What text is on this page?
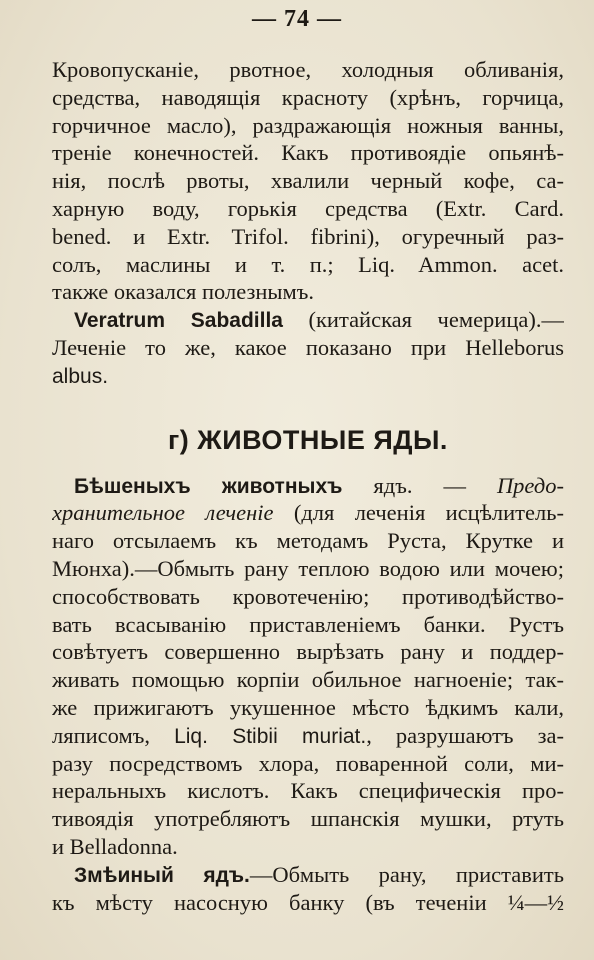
— 74 —
Кровопусканіе, рвотное, холодныя обливанія,
средства, наводящія краснoту (хрѣнъ, горчица,
горчичное масло), раздражающія ножныя ванны,
треніе конечностей. Какъ противоядіе опьянѣ-
нія, послѣ рвоты, хвалили черный кофе, са-
харную воду, горькія средства (Extr. Card.
bened. и Extr. Trifol. fibrini), огуречный раз-
солъ, маслины и т. п.; Liq. Ammon. acet.
также оказался полезнымъ.
Veratrum Sabadilla (китайская чемерица).—
Леченіе то же, какое показано при Helleborus
albus.
г) ЖИВОТНЫЕ ЯДЫ.
Бѣшеныхъ животныхъ ядъ. — Предо-
хранительное леченіе (для леченія исцѣлитель-
наго отсылаемъ къ методамъ Руста, Крутке и
Мюнха).—Обмыть рану теплою водою или мочею;
способствовать кровотеченію; противодѣйство-
вать всасыванію приставленіемъ банки. Рустъ
совѣтуетъ совершенно вырѣзать рану и поддер-
живать помощью корпіи обильное нагноеніе; так-
же прижигаютъ укушенное мѣсто ѣдкимъ кали,
ляписомъ, Liq. Stibii muriat., разрушаютъ за-
разу посредствомъ хлора, поваренной соли, ми-
неральныхъ кислотъ. Какъ специфическія про-
тивоядія употребляютъ шпанскія мушки, ртуть
и Belladonna.
Змѣиный ядъ.—Обмыть рану, приставить
къ мѣсту насосную банку (въ теченіи ¼—½
